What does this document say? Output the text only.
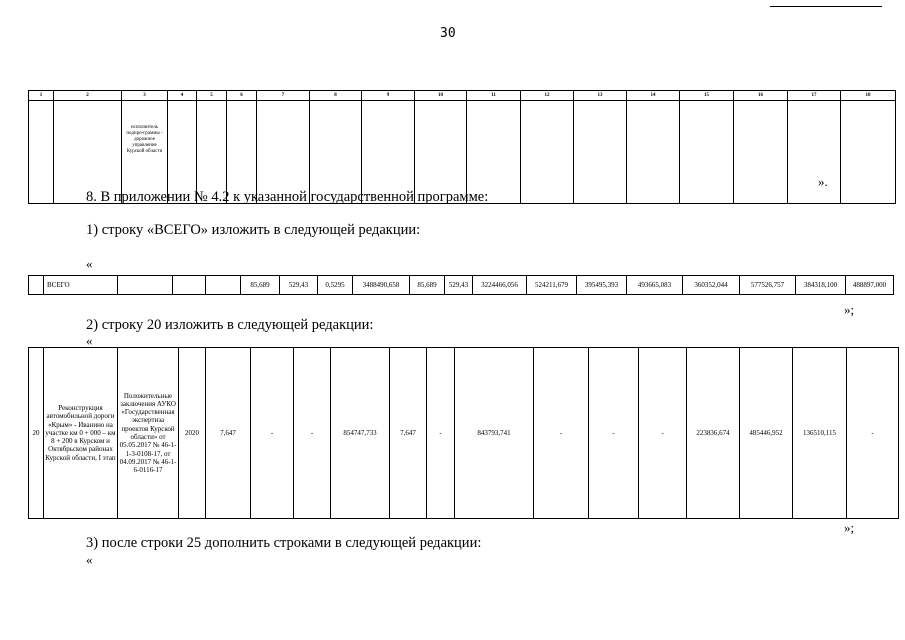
30
1	2	3	4	5	6	7	8	9	10	11	12	13	14	15	16	17	18
		исполнитель подпро-граммы - дорожное управление Курской области															
».
8. В приложении № 4.2 к указанной государственной программе:
1) строку «ВСЕГО» изложить в следующей редакции:
«
	ВСЕГО				85,689	529,43	0,5295	3488490,658	85,689	529,43	3224466,056	524211,679	395495,393	493665,083	360352,044	577526,757	384318,100	488897,000
»;
2) строку 20 изложить в следующей редакции:
«
20	Реконструкция автомобильной дороги «Крым» - Иванино на участке км 0 + 000 – км 8 + 200 в Курском и Октябрьском районах Курской области, I этап	Положительные заключения АУКО «Государственная экспертиза проектов Курской области» от 05.05.2017 № 46-1-1-3-0108-17, от 04.09.2017 № 46-1-6-0116-17	2020	7,647	-	-	854747,733	7,647	-	843793,741	-	-	-	223836,674	485446,952	136510,115	-
»;
3) после строки 25 дополнить строками в следующей редакции:
«
